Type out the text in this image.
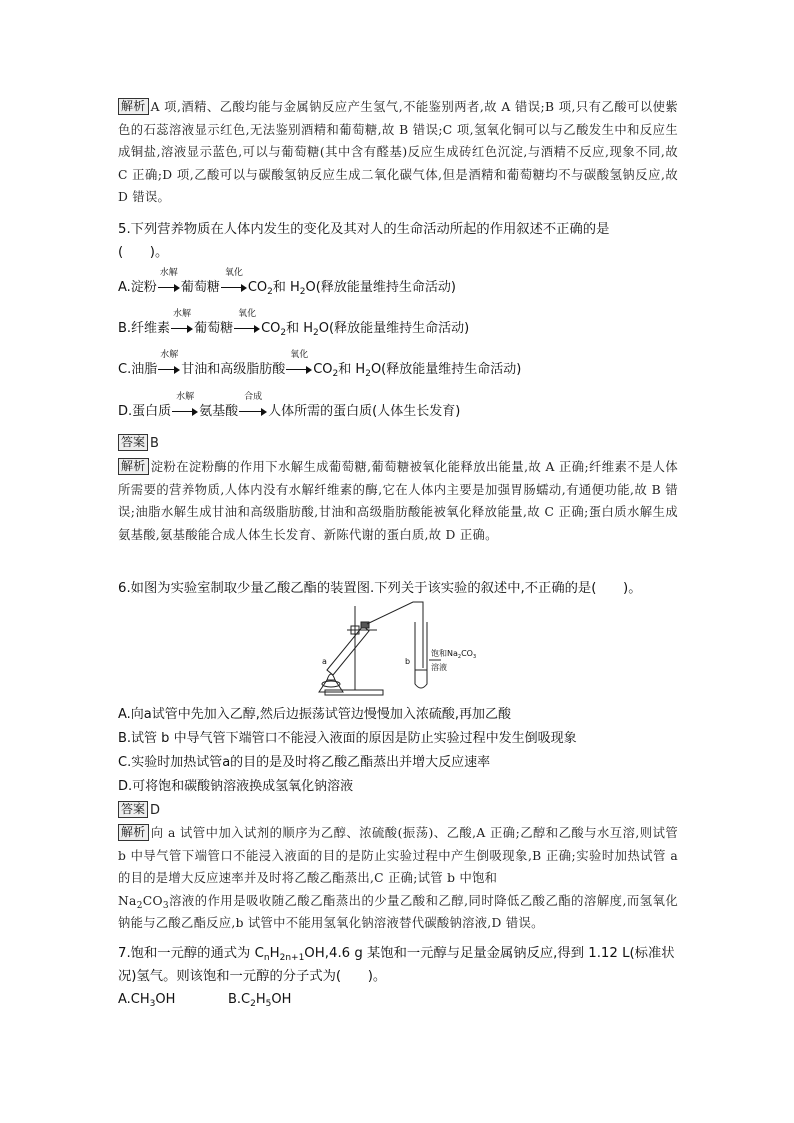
解析 A 项,酒精、乙酸均能与金属钠反应产生氢气,不能鉴别两者,故 A 错误;B 项,只有乙酸可以使紫色的石蕊溶液显示红色,无法鉴别酒精和葡萄糖,故 B 错误;C 项,氢氧化铜可以与乙酸发生中和反应生成铜盐,溶液显示蓝色,可以与葡萄糖(其中含有醛基)反应生成砖红色沉淀,与酒精不反应,现象不同,故 C 正确;D 项,乙酸可以与碳酸氢钠反应生成二氧化碳气体,但是酒精和葡萄糖均不与碳酸氢钠反应,故 D 错误。
5.下列营养物质在人体内发生的变化及其对人的生命活动所起的作用叙述不正确的是
(　　)。
A.淀粉
水解
葡萄糖
氧化
$CO_2$和 $H_2O$(释放能量维持生命活动)
B.纤维素
水解
葡萄糖
氧化
$CO_2$和 $H_2O$(释放能量维持生命活动)
C.油脂
水解
甘油和高级脂肪酸
氧化
$CO_2$和 $H_2O$(释放能量维持生命活动)
D.蛋白质
水解
氨基酸
合成
人体所需的蛋白质(人体生长发育)
答案 B
解析 淀粉在淀粉酶的作用下水解生成葡萄糖,葡萄糖被氧化能释放出能量,故 A 正确;纤维素不是人体所需要的营养物质,人体内没有水解纤维素的酶,它在人体内主要是加强胃肠蠕动,有通便功能,故 B 错误;油脂水解生成甘油和高级脂肪酸,甘油和高级脂肪酸能被氧化释放能量,故 C 正确;蛋白质水解生成氨基酸,氨基酸能合成人体生长发育、新陈代谢的蛋白质,故 D 正确。
6.如图为实验室制取少量乙酸乙酯的装置图.下列关于该实验的叙述中,不正确的是(　　)。
a	b
饱和$Na_2CO_3$
溶液
A.向a试管中先加入乙醇,然后边振荡试管边慢慢加入浓硫酸,再加乙酸
B.试管 b 中导气管下端管口不能浸入液面的原因是防止实验过程中发生倒吸现象
C.实验时加热试管a的目的是及时将乙酸乙酯蒸出并增大反应速率
D.可将饱和碳酸钠溶液换成氢氧化钠溶液
答案 D
解析 向 a 试管中加入试剂的顺序为乙醇、浓硫酸(振荡)、乙酸,A 正确;乙醇和乙酸与水互溶,则试管 b 中导气管下端管口不能浸入液面的目的是防止实验过程中产生倒吸现象,B 正确;实验时加热试管 a 的目的是增大反应速率并及时将乙酸乙酯蒸出,C 正确;试管 b 中饱和
$Na_2CO_3$溶液的作用是吸收随乙酸乙酯蒸出的少量乙酸和乙醇,同时降低乙酸乙酯的溶解度,而氢氧化钠能与乙酸乙酯反应,b 试管中不能用氢氧化钠溶液替代碳酸钠溶液,D 错误。
7.饱和一元醇的通式为 $C_nH_{2n+1}OH,4.6$ g 某饱和一元醇与足量金属钠反应,得到 1.12 L(标准状况)氢气。则该饱和一元醇的分子式为(　　)。
$A.CH_3OH$	$B.C_2H_5OH$
